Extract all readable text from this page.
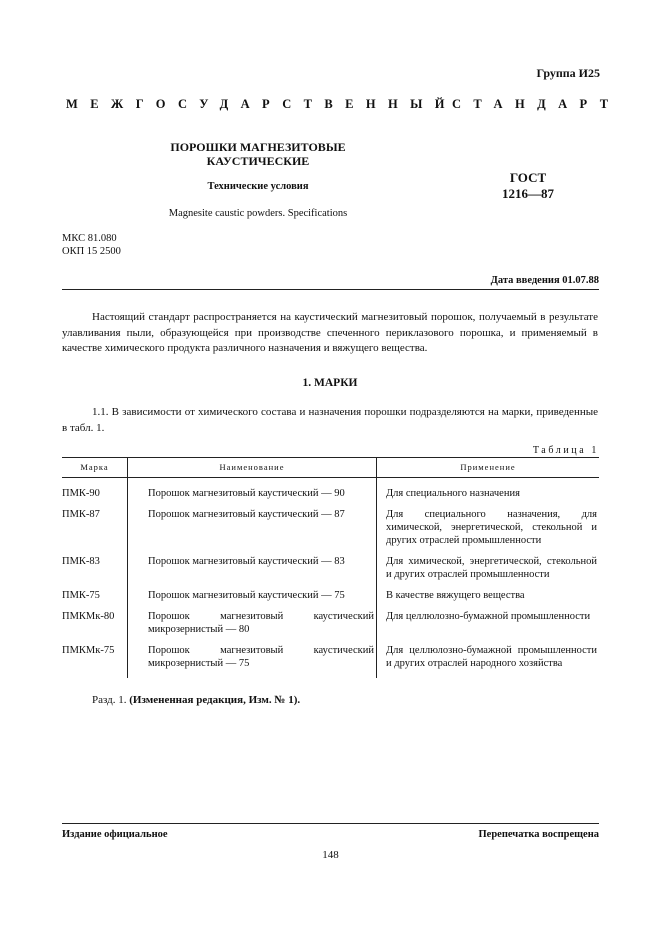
Группа И25
МЕЖГОСУДАРСТВЕННЫЙ
СТАНДАРТ
ПОРОШКИ МАГНЕЗИТОВЫЕ
КАУСТИЧЕСКИЕ
Технические условия
Magnesite caustic powders. Specifications
ГОСТ
1216—87
МКС 81.080
ОКП 15 2500
Дата введения 01.07.88
Настоящий стандарт распространяется на каустический магнезитовый порошок, получаемый в результате улавливания пыли, образующейся при производстве спеченного периклазового порошка, и применяемый в качестве химического продукта различного назначения и вяжущего вещества.
1. МАРКИ
1.1. В зависимости от химического состава и назначения порошки подразделяются на марки, приведенные в табл. 1.
Таблица 1
Марка	Наименование	Применение
ПМК-90	Порошок магнезитовый каустический — 90	Для специального назначения
ПМК-87	Порошок магнезитовый каустический — 87	Для специального назначения, для химической, энергетической, стекольной и других отраслей промышленности
ПМК-83	Порошок магнезитовый каустический — 83	Для химической, энергетической, стекольной и других отраслей промышленности
ПМК-75	Порошок магнезитовый каустический — 75	В качестве вяжущего вещества
ПМКМк-80	Порошок магнезитовый каустический микрозернистый — 80	Для целлюлозно-бумажной промышленности
ПМКМк-75	Порошок магнезитовый каустический микрозернистый — 75	Для целлюлозно-бумажной промышленности и других отраслей народного хозяйства
Разд. 1. (Измененная редакция, Изм. № 1).
Издание официальное	Перепечатка воспрещена
148
